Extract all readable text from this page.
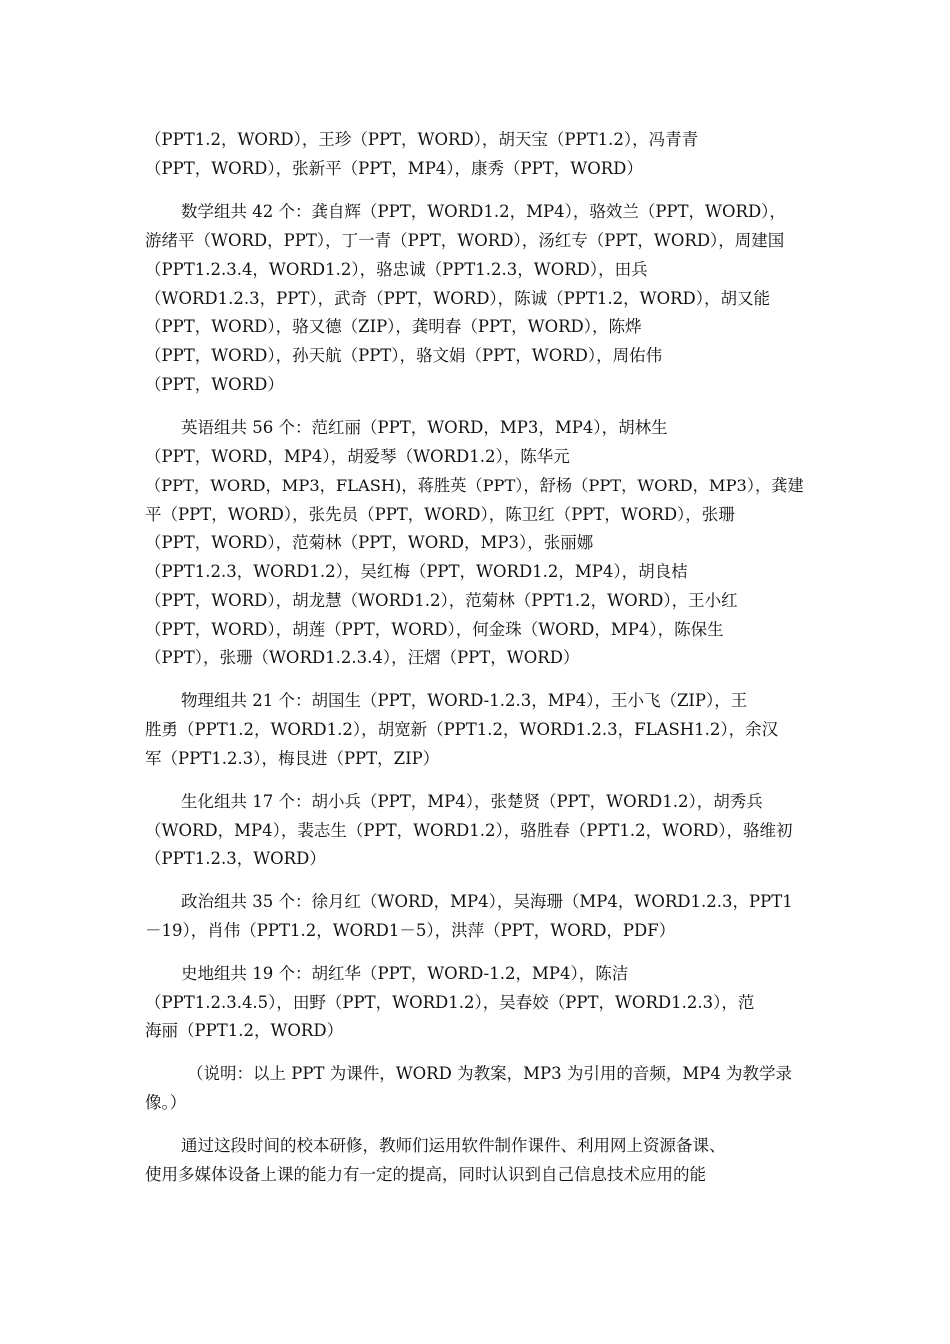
（PPT1.2，WORD），王珍（PPT，WORD），胡天宝（PPT1.2），冯青青
（PPT，WORD），张新平（PPT，MP4），康秀（PPT，WORD）
数学组共 42 个：龚自辉（PPT，WORD1.2，MP4），骆效兰（PPT，WORD），
游绪平（WORD，PPT），丁一青（PPT，WORD），汤红专（PPT，WORD），周建国
（PPT1.2.3.4，WORD1.2），骆忠诚（PPT1.2.3，WORD），田兵
（WORD1.2.3，PPT），武奇（PPT，WORD），陈诚（PPT1.2，WORD），胡又能
（PPT，WORD），骆又德（ZIP），龚明春（PPT，WORD），陈烨
（PPT，WORD），孙天航（PPT），骆文娟（PPT，WORD），周佑伟
（PPT，WORD）
英语组共 56 个：范红丽（PPT，WORD，MP3，MP4），胡林生
（PPT，WORD，MP4），胡爱琴（WORD1.2），陈华元
（PPT，WORD，MP3，FLASH)，蒋胜英（PPT），舒杨（PPT，WORD，MP3），龚建
平（PPT，WORD），张先员（PPT，WORD），陈卫红（PPT，WORD），张珊
（PPT，WORD），范菊林（PPT，WORD，MP3），张丽娜
（PPT1.2.3，WORD1.2），吴红梅（PPT，WORD1.2，MP4），胡良桔
（PPT，WORD），胡龙慧（WORD1.2），范菊林（PPT1.2，WORD），王小红
（PPT，WORD），胡莲（PPT，WORD），何金珠（WORD，MP4），陈保生
（PPT），张珊（WORD1.2.3.4），汪熠（PPT，WORD）
物理组共 21 个：胡国生（PPT，WORD-1.2.3，MP4），王小飞（ZIP），王
胜勇（PPT1.2，WORD1.2），胡宽新（PPT1.2，WORD1.2.3，FLASH1.2），余汉
军（PPT1.2.3），梅艮进（PPT，ZIP）
生化组共 17 个：胡小兵（PPT，MP4），张楚贤（PPT，WORD1.2），胡秀兵
（WORD，MP4），裴志生（PPT，WORD1.2），骆胜春（PPT1.2，WORD），骆维初
（PPT1.2.3，WORD）
政治组共 35 个：徐月红（WORD，MP4），吴海珊（MP4，WORD1.2.3，PPT1
－19），肖伟（PPT1.2，WORD1－5），洪萍（PPT，WORD，PDF）
史地组共 19 个：胡红华（PPT，WORD-1.2，MP4），陈洁
（PPT1.2.3.4.5），田野（PPT，WORD1.2），吴春姣（PPT，WORD1.2.3），范
海丽（PPT1.2，WORD）
（说明：以上 PPT 为课件，WORD 为教案，MP3 为引用的音频，MP4 为教学录
像。）
通过这段时间的校本研修，教师们运用软件制作课件、利用网上资源备课、
使用多媒体设备上课的能力有一定的提高，同时认识到自己信息技术应用的能
